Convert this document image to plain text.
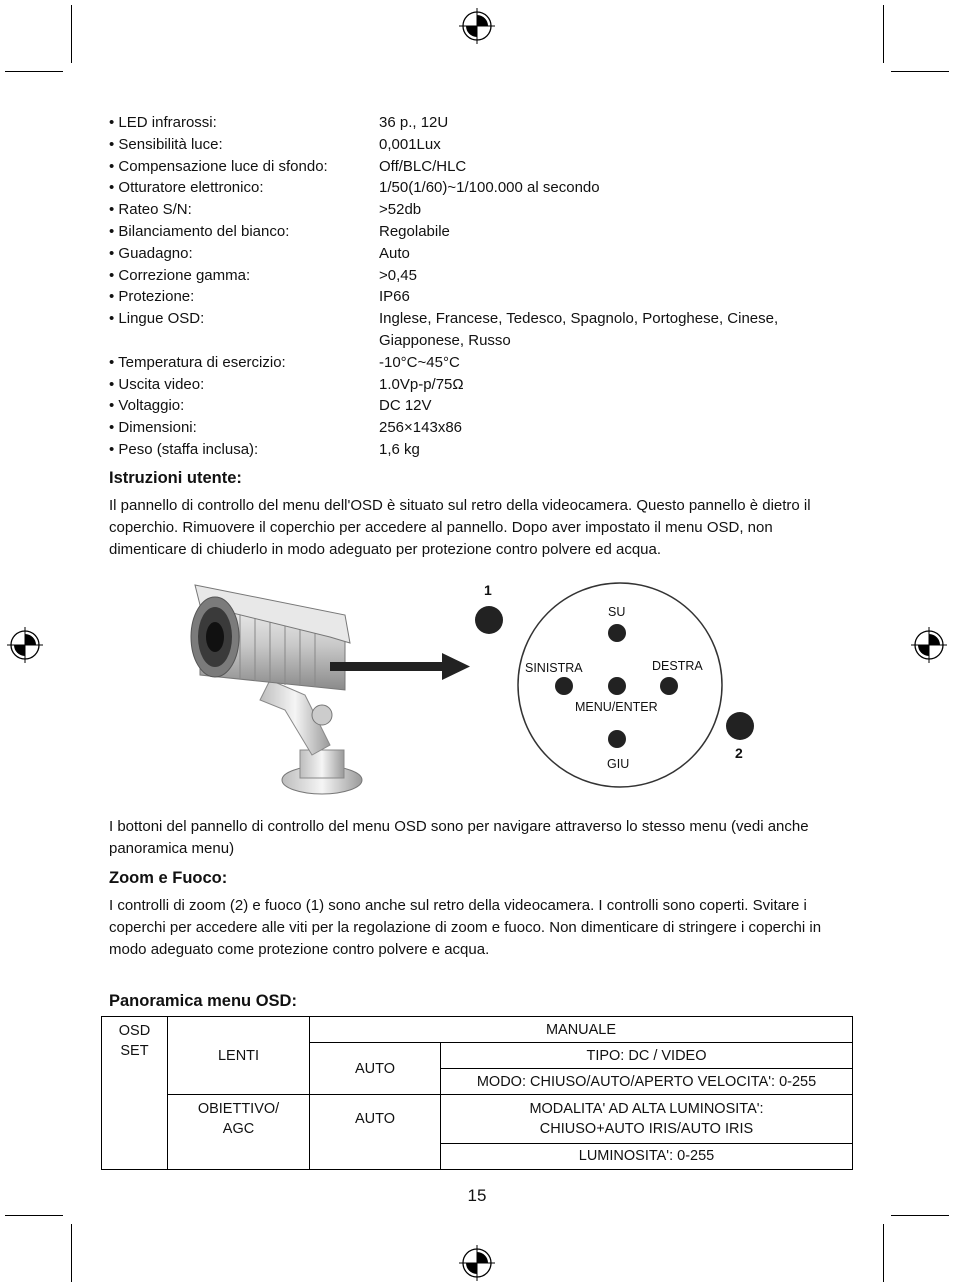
• LED infrarossi:	36 p., 12U
• Sensibilità luce:	0,001Lux
• Compensazione luce di sfondo:	Off/BLC/HLC
• Otturatore elettronico:	1/50(1/60)~1/100.000 al secondo
• Rateo S/N:	>52db
• Bilanciamento del bianco:	Regolabile
• Guadagno:	Auto
• Correzione gamma:	>0,45
• Protezione:	IP66
• Lingue OSD:	Inglese, Francese, Tedesco, Spagnolo, Portoghese, Cinese, Giapponese, Russo
• Temperatura di esercizio:	-10°C~45°C
• Uscita video:	1.0Vp-p/75Ω
• Voltaggio:	DC 12V
• Dimensioni:	256×143x86
• Peso (staffa inclusa):	1,6 kg
Istruzioni utente:
Il pannello di controllo del menu dell'OSD è situato sul retro della videocamera. Questo pannello è dietro il coperchio. Rimuovere il coperchio per accedere al pannello. Dopo aver impostato il menu OSD, non dimenticare di chiuderlo in modo adeguato per protezione contro polvere ed acqua.
1
2
SU
SINISTRA	DESTRA
MENU/ENTER
GIU
I bottoni del pannello di controllo del menu OSD sono per navigare attraverso lo stesso menu (vedi anche panoramica menu)
Zoom e Fuoco:
I controlli di zoom (2) e fuoco (1) sono anche sul retro della videocamera. I controlli sono coperti. Svitare i coperchi per accedere alle viti per la regolazione di zoom e fuoco. Non dimenticare di stringere i coperchi in modo adeguato come protezione contro polvere e acqua.
Panoramica menu OSD:
OSD SET	LENTI	MANUALE	
		AUTO	TIPO: DC / VIDEO
			MODO: CHIUSO/AUTO/APERTO VELOCITA': 0-255
	OBIETTIVO/ AGC	AUTO	MODALITA' AD ALTA LUMINOSITA': CHIUSO+AUTO IRIS/AUTO IRIS
			LUMINOSITA': 0-255
15
